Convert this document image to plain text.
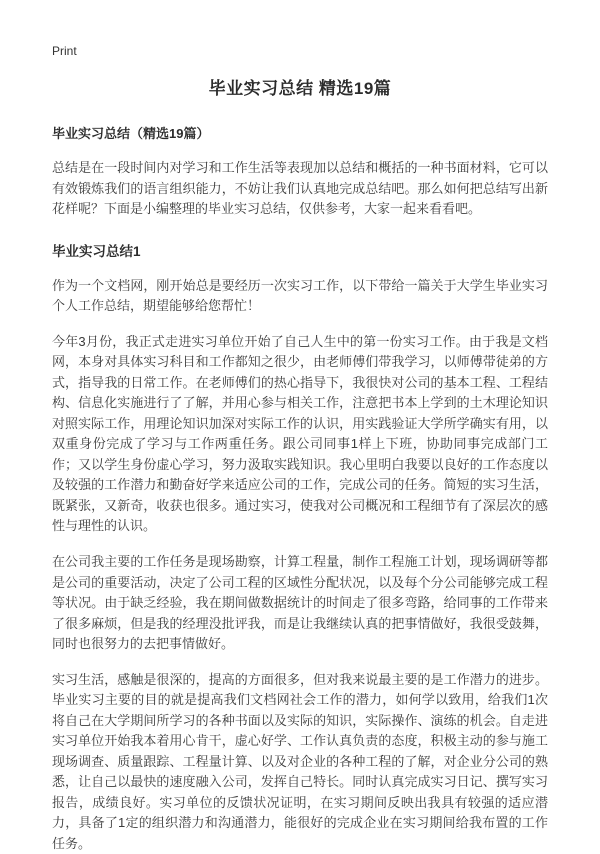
Print
毕业实习总结 精选19篇
毕业实习总结（精选19篇）

总结是在一段时间内对学习和工作生活等表现加以总结和概括的一种书面材料，它可以有效锻炼我们的语言组织能力，不妨让我们认真地完成总结吧。那么如何把总结写出新花样呢？下面是小编整理的毕业实习总结，仅供参考，大家一起来看看吧。

毕业实习总结1

作为一个文档网，刚开始总是要经历一次实习工作，以下带给一篇关于大学生毕业实习个人工作总结，期望能够给您帮忙！

今年3月份，我正式走进实习单位开始了自己人生中的第一份实习工作。由于我是文档网，本身对具体实习科目和工作都知之很少，由老师傅们带我学习，以师傅带徒弟的方式，指导我的日常工作。在老师傅们的热心指导下，我很快对公司的基本工程、工程结构、信息化实施进行了了解，并用心参与相关工作，注意把书本上学到的土木理论知识对照实际工作，用理论知识加深对实际工作的认识，用实践验证大学所学确实有用，以双重身份完成了学习与工作两重任务。跟公司同事1样上下班，协助同事完成部门工作；又以学生身份虚心学习，努力汲取实践知识。我心里明白我要以良好的工作态度以及较强的工作潜力和勤奋好学来适应公司的工作，完成公司的任务。简短的实习生活，既紧张，又新奇，收获也很多。通过实习，使我对公司概况和工程细节有了深层次的感性与理性的认识。

在公司我主要的工作任务是现场勘察，计算工程量，制作工程施工计划，现场调研等都是公司的重要活动，决定了公司工程的区域性分配状况，以及每个分公司能够完成工程等状况。由于缺乏经验，我在期间做数据统计的时间走了很多弯路，给同事的工作带来了很多麻烦，但是我的经理没批评我，而是让我继续认真的把事情做好，我很受鼓舞，同时也很努力的去把事情做好。

实习生活，感触是很深的，提高的方面很多，但对我来说最主要的是工作潜力的进步。毕业实习主要的目的就是提高我们文档网社会工作的潜力，如何学以致用，给我们1次将自己在大学期间所学习的各种书面以及实际的知识，实际操作、演练的机会。自走进实习单位开始我本着用心肯干，虚心好学、工作认真负责的态度，积极主动的参与施工现场调查、质量跟踪、工程量计算、以及对企业的各种工程的了解，对企业分公司的熟悉，让自己以最快的速度融入公司，发挥自己特长。同时认真完成实习日记、撰写实习报告，成绩良好。实习单位的反馈状况证明，在实习期间反映出我具有较强的适应潜力，具备了1定的组织潜力和沟通潜力，能很好的完成企业在实习期间给我布置的工作任务。
